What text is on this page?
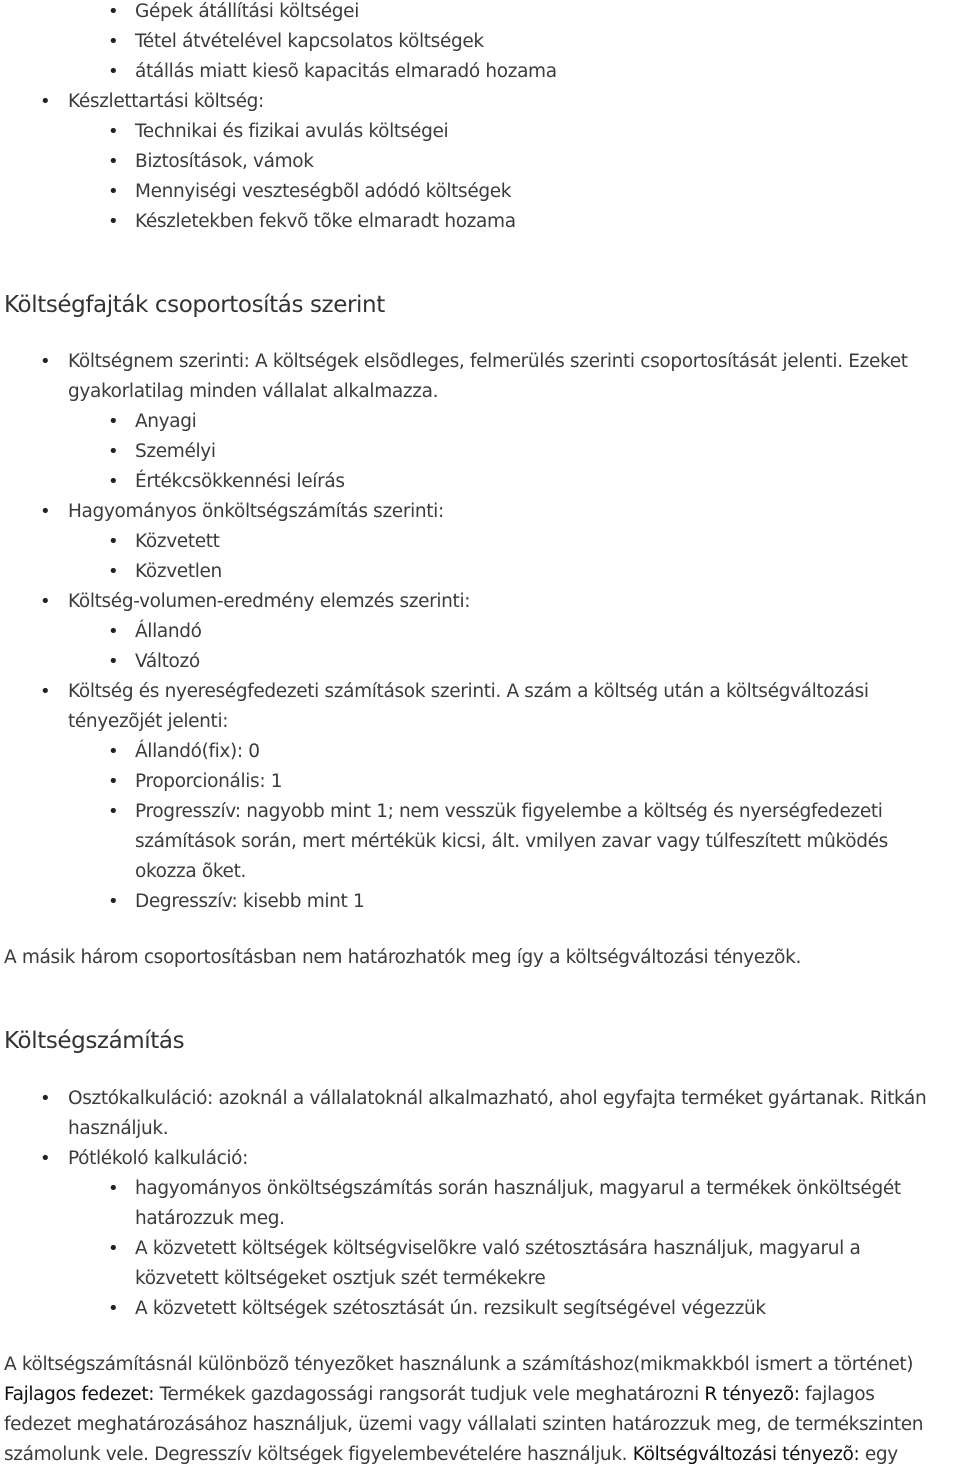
• Gépek átállítási költségei
• Tétel átvételével kapcsolatos költségek
• átállás miatt kiesõ kapacitás elmaradó hozama
• Készlettartási költség:
• Technikai és fizikai avulás költségei
• Biztosítások, vámok
• Mennyiségi veszteségbõl adódó költségek
• Készletekben fekvõ tõke elmaradt hozama
Költségfajták csoportosítás szerint
• Költségnem szerinti: A költségek elsõdleges, felmerülés szerinti csoportosítását jelenti. Ezeket
gyakorlatilag minden vállalat alkalmazza.
• Anyagi
• Személyi
• Értékcsökkennési leírás
• Hagyományos önköltségszámítás szerinti:
• Közvetett
• Közvetlen
• Költség-volumen-eredmény elemzés szerinti:
• Állandó
• Változó
• Költség és nyereségfedezeti számítások szerinti. A szám a költség után a költségváltozási
tényezõjét jelenti:
• Állandó(fix): 0
• Proporcionális: 1
• Progresszív: nagyobb mint 1; nem vesszük figyelembe a költség és nyerségfedezeti
számítások során, mert mértékük kicsi, ált. vmilyen zavar vagy túlfeszített mûködés
okozza õket.
• Degresszív: kisebb mint 1
A másik három csoportosításban nem határozhatók meg így a költségváltozási tényezõk.
Költségszámítás
• Osztókalkuláció: azoknál a vállalatoknál alkalmazható, ahol egyfajta terméket gyártanak. Ritkán
használjuk.
• Pótlékoló kalkuláció:
• hagyományos önköltségszámítás során használjuk, magyarul a termékek önköltségét
határozzuk meg.
• A közvetett költségek költségviselõkre való szétosztására használjuk, magyarul a
közvetett költségeket osztjuk szét termékekre
• A közvetett költségek szétosztását ún. rezsikult segítségével végezzük
A költségszámításnál különbözõ tényezõket használunk a számításhoz(mikmakkból ismert a történet)
Fajlagos fedezet: Termékek gazdagossági rangsorát tudjuk vele meghatározni R tényezõ: fajlagos
fedezet meghatározásához használjuk, üzemi vagy vállalati szinten határozzuk meg, de termékszinten
számolunk vele. Degresszív költségek figyelembevételére használjuk. Költségváltozási tényezõ: egy
